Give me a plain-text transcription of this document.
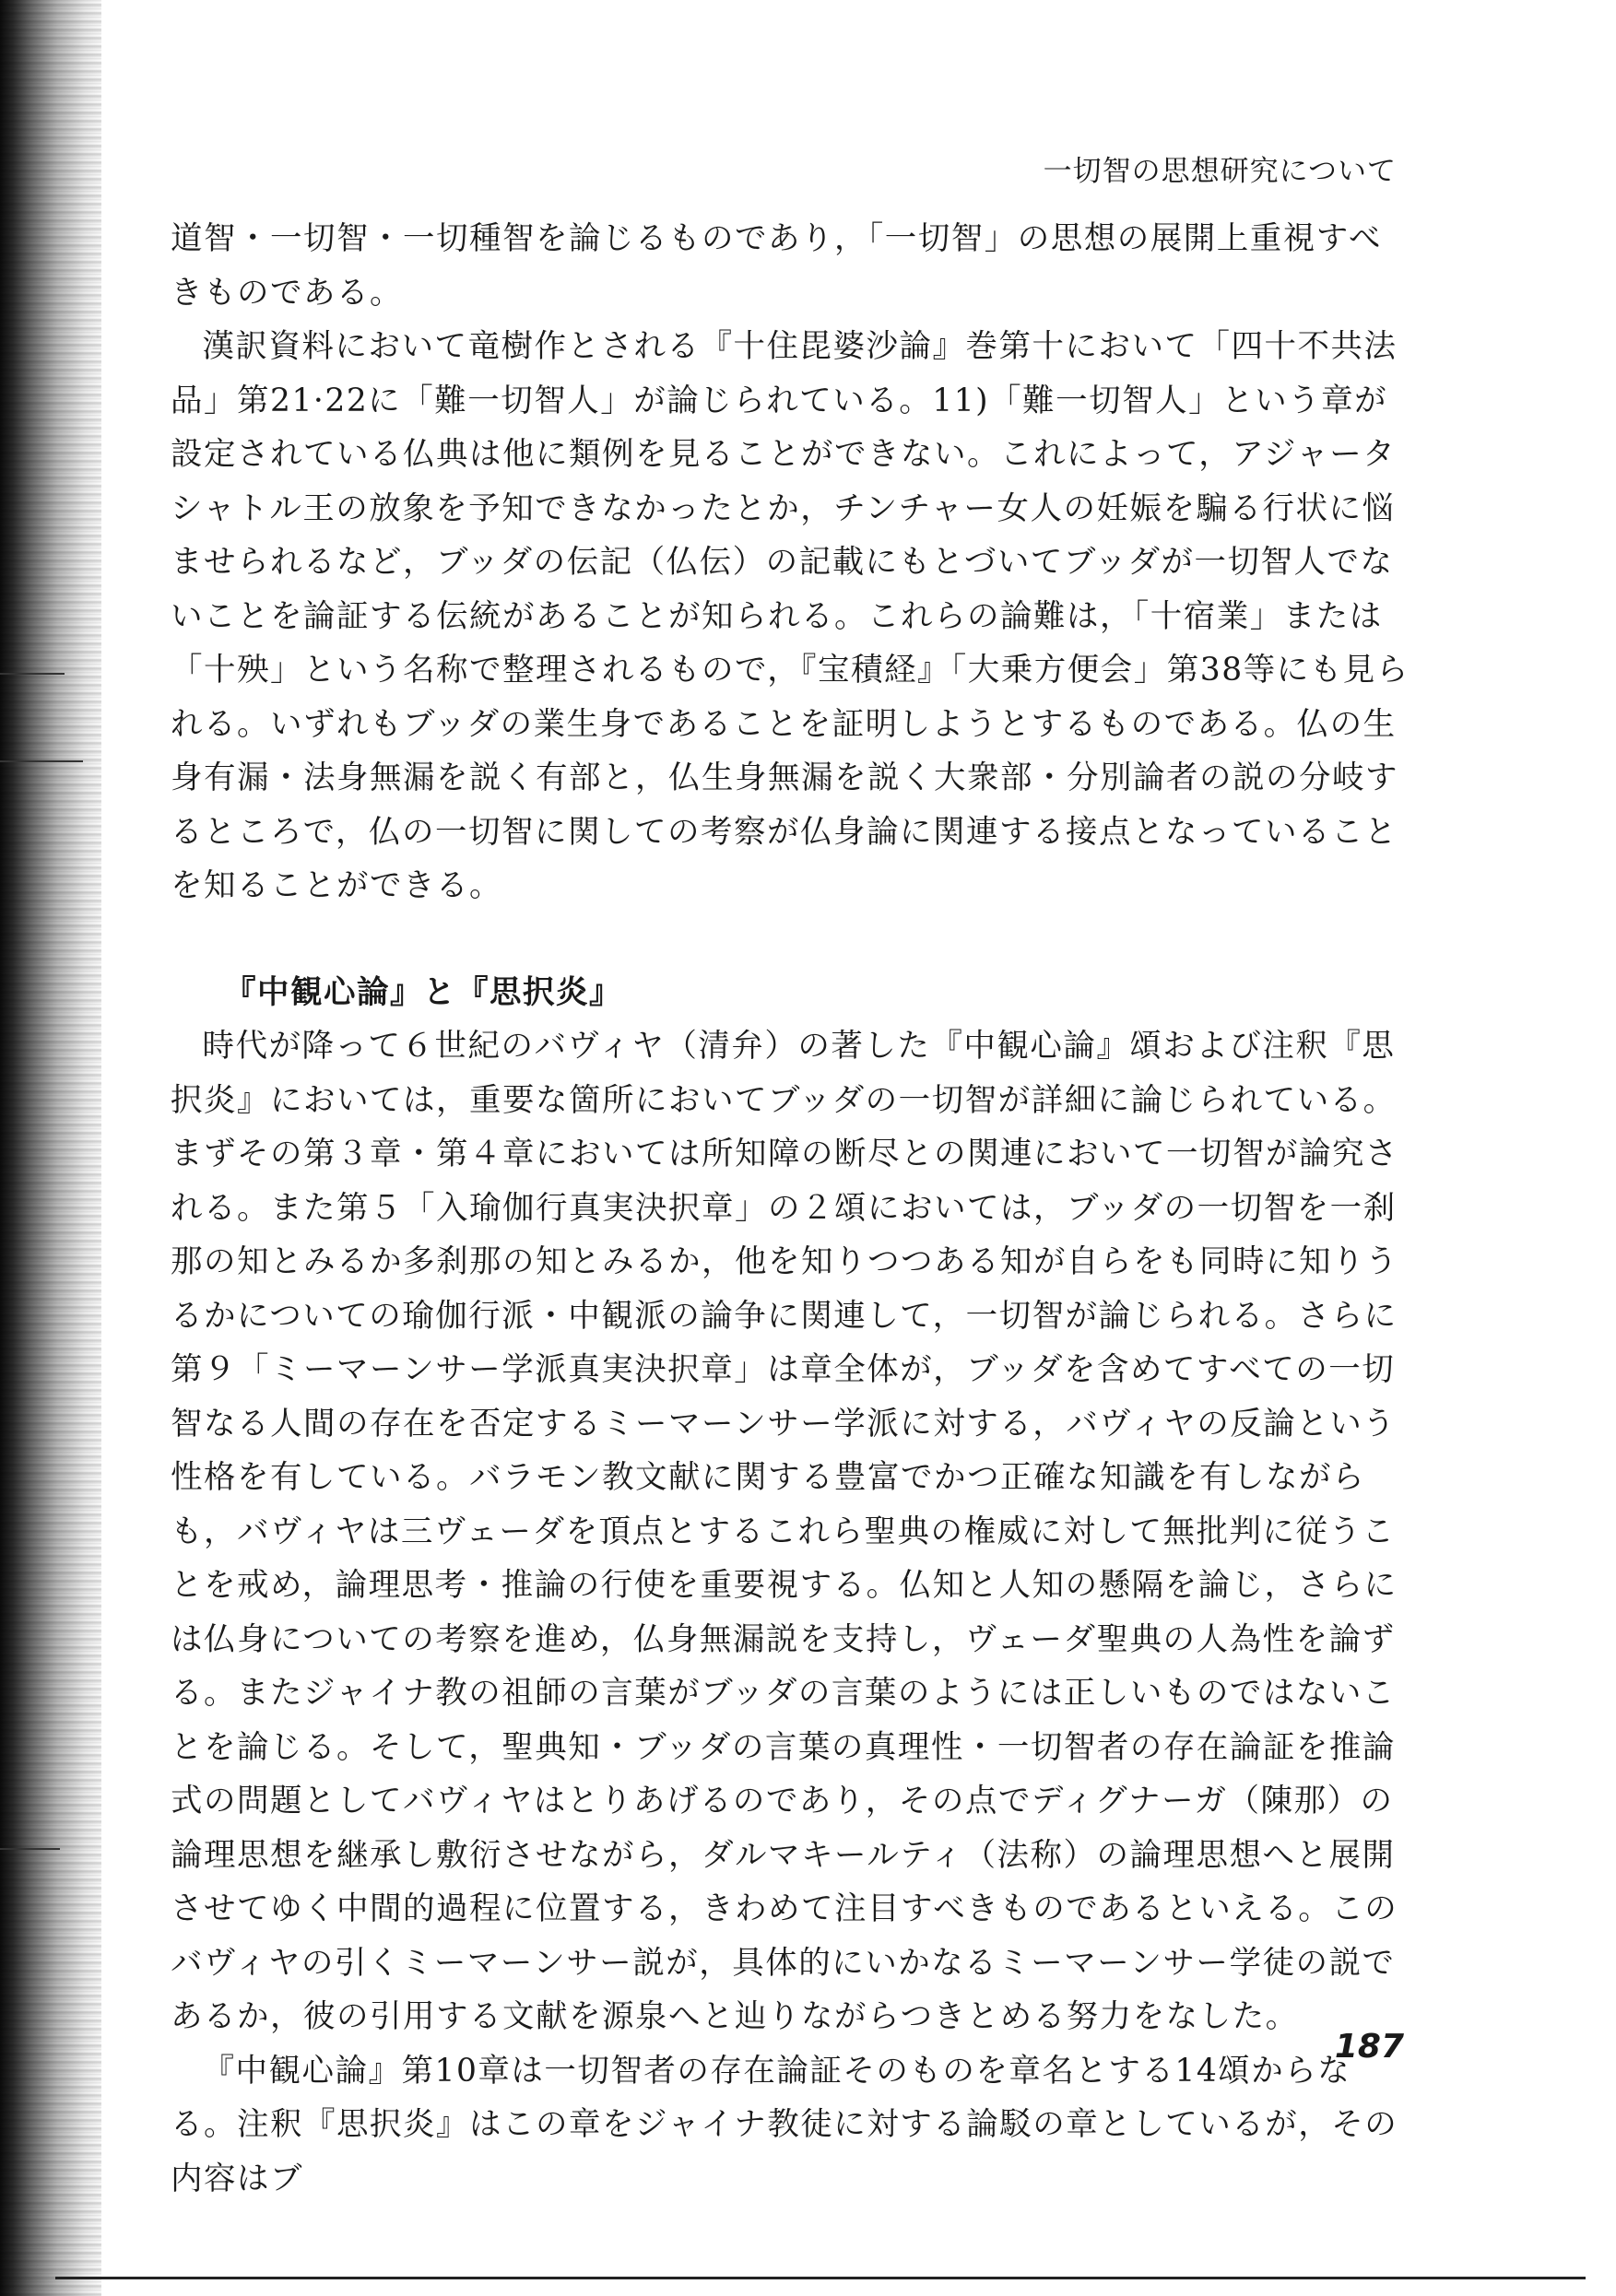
一切智の思想研究について

道智・一切智・一切種智を論じるものであり，「一切智」の思想の展開上重視すべきものである。

漢訳資料において竜樹作とされる『十住毘婆沙論』巻第十において「四十不共法品」第21·22に「難一切智人」が論じられている。11)「難一切智人」という章が設定されている仏典は他に類例を見ることができない。これによって，アジャータシャトル王の放象を予知できなかったとか，チンチャー女人の妊娠を騙る行状に悩ませられるなど，ブッダの伝記（仏伝）の記載にもとづいてブッダが一切智人でないことを論証する伝統があることが知られる。これらの論難は，「十宿業」または「十殃」という名称で整理されるもので，『宝積経』「大乗方便会」第38等にも見られる。いずれもブッダの業生身であることを証明しようとするものである。仏の生身有漏・法身無漏を説く有部と，仏生身無漏を説く大衆部・分別論者の説の分岐するところで，仏の一切智に関しての考察が仏身論に関連する接点となっていることを知ることができる。

『中観心論』と『思択炎』

時代が降って６世紀のバヴィヤ（清弁）の著した『中観心論』頌および注釈『思択炎』においては，重要な箇所においてブッダの一切智が詳細に論じられている。まずその第３章・第４章においては所知障の断尽との関連において一切智が論究される。また第５「入瑜伽行真実決択章」の２頌においては，ブッダの一切智を一刹那の知とみるか多刹那の知とみるか，他を知りつつある知が自らをも同時に知りうるかについての瑜伽行派・中観派の論争に関連して，一切智が論じられる。さらに第９「ミーマーンサー学派真実決択章」は章全体が，ブッダを含めてすべての一切智なる人間の存在を否定するミーマーンサー学派に対する，バヴィヤの反論という性格を有している。バラモン教文献に関する豊富でかつ正確な知識を有しながらも，バヴィヤは三ヴェーダを頂点とするこれら聖典の権威に対して無批判に従うことを戒め，論理思考・推論の行使を重要視する。仏知と人知の懸隔を論じ，さらには仏身についての考察を進め，仏身無漏説を支持し，ヴェーダ聖典の人為性を論ずる。またジャイナ教の祖師の言葉がブッダの言葉のようには正しいものではないことを論じる。そして，聖典知・ブッダの言葉の真理性・一切智者の存在論証を推論式の問題としてバヴィヤはとりあげるのであり，その点でディグナーガ（陳那）の論理思想を継承し敷衍させながら，ダルマキールティ（法称）の論理思想へと展開させてゆく中間的過程に位置する，きわめて注目すべきものであるといえる。このバヴィヤの引くミーマーンサー説が，具体的にいかなるミーマーンサー学徒の説であるか，彼の引用する文献を源泉へと辿りながらつきとめる努力をなした。

『中観心論』第10章は一切智者の存在論証そのものを章名とする14頌からなる。注釈『思択炎』はこの章をジャイナ教徒に対する論駁の章としているが，その内容はブ

187
